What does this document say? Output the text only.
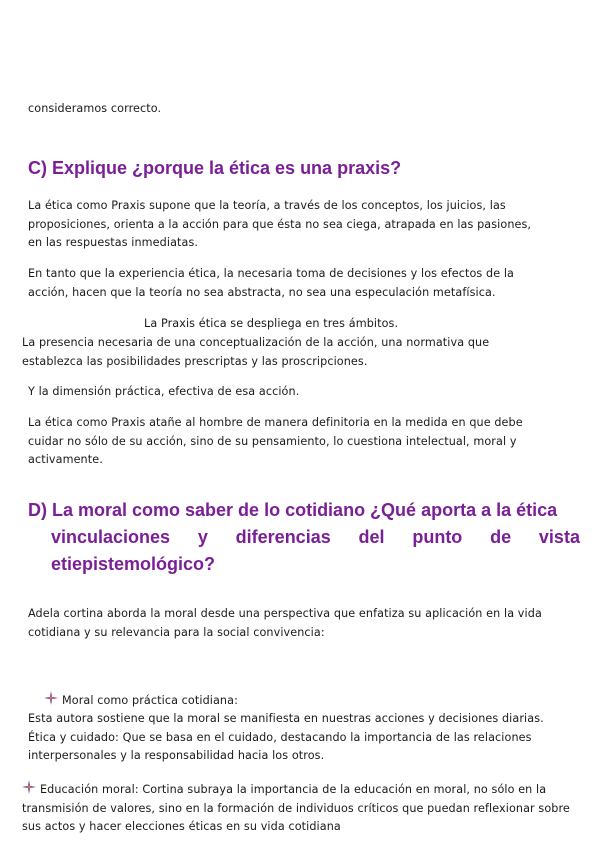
consideramos correcto.

C) Explique ¿porque la ética es una praxis?

La ética como Praxis supone que la teoría, a través de los conceptos, los juicios, las proposiciones, orienta a la acción para que ésta no sea ciega, atrapada en las pasiones, en las respuestas inmediatas.

En tanto que la experiencia ética, la necesaria toma de decisiones y los efectos de la acción, hacen que la teoría no sea abstracta, no sea una especulación metafísica.

La Praxis ética se despliega en tres ámbitos.

La presencia necesaria de una conceptualización de la acción, una normativa que establezca las posibilidades prescriptas y las proscripciones.

Y la dimensión práctica, efectiva de esa acción.

La ética como Praxis atañe al hombre de manera definitoria en la medida en que debe cuidar no sólo de su acción, sino de su pensamiento, lo cuestiona intelectual, moral y activamente.

D) La moral como saber de lo cotidiano ¿Qué aporta a la ética
vinculaciones y diferencias del punto de vista
etiepistemológico?

Adela cortina aborda la moral desde una perspectiva que enfatiza su aplicación en la vida cotidiana y su relevancia para la social convivencia:

Moral como práctica cotidiana:

Esta autora sostiene que la moral se manifiesta en nuestras acciones y decisiones diarias. Ética y cuidado: Que se basa en el cuidado, destacando la importancia de las relaciones interpersonales y la responsabilidad hacia los otros.

Educación moral: Cortina subraya la importancia de la educación en moral, no sólo en la transmisión de valores, sino en la formación de individuos críticos que puedan reflexionar sobre sus actos y hacer elecciones éticas en su vida cotidiana
